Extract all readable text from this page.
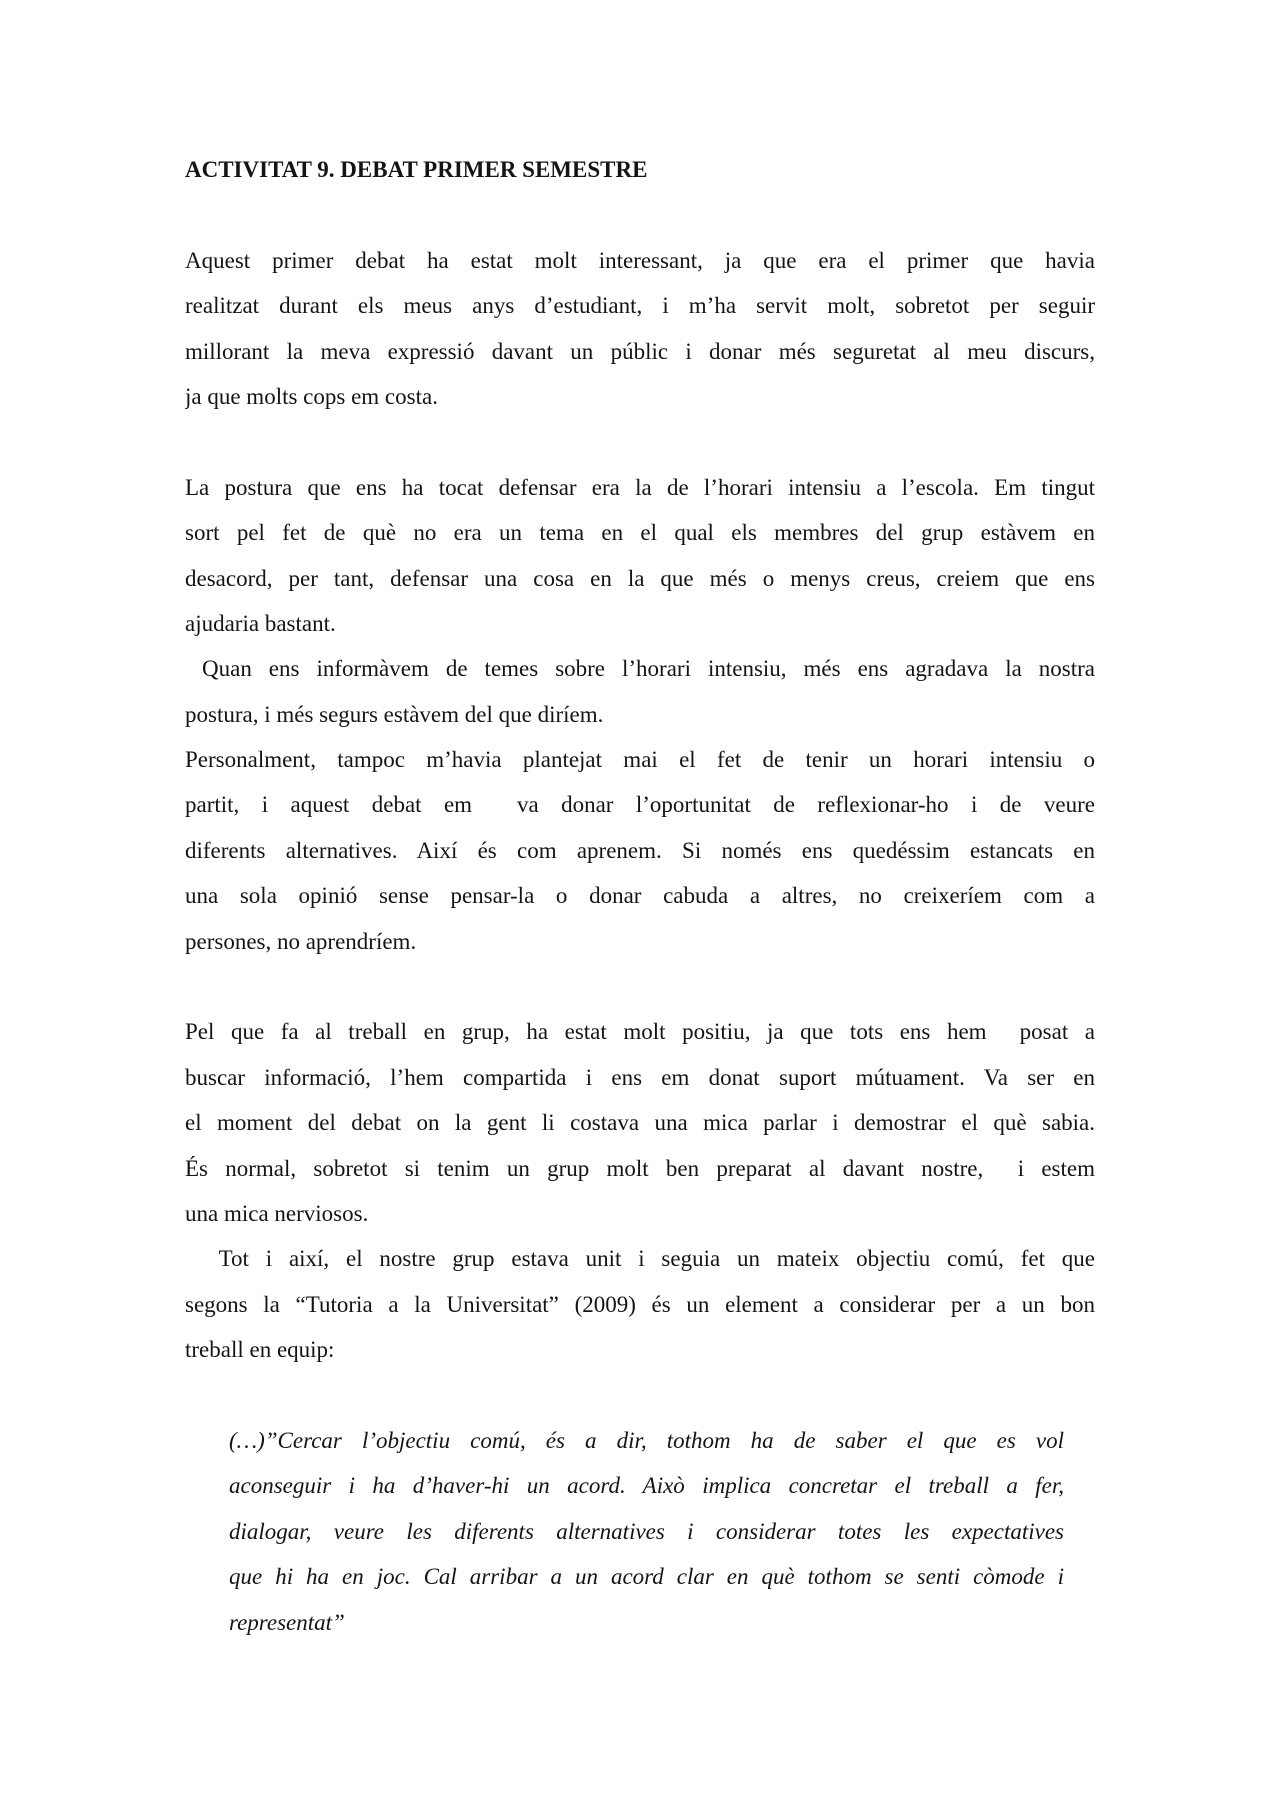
ACTIVITAT 9. DEBAT PRIMER SEMESTRE
Aquest primer debat ha estat molt interessant, ja que era el primer que havia
realitzat durant els meus anys d’estudiant, i m’ha servit molt, sobretot per seguir
millorant la meva expressió davant un públic i donar més seguretat al meu discurs,
ja que molts cops em costa.
La postura que ens ha tocat defensar era la de l’horari intensiu a l’escola. Em tingut
sort pel fet de què no era un tema en el qual els membres del grup estàvem en
desacord, per tant, defensar una cosa en la que més o menys creus, creiem que ens
ajudaria bastant.
Quan ens informàvem de temes sobre l’horari intensiu, més ens agradava la nostra
postura, i més segurs estàvem del que diríem.
Personalment, tampoc m’havia plantejat mai el fet de tenir un horari intensiu o
partit, i aquest debat em  va donar l’oportunitat de reflexionar-ho i de veure
diferents alternatives. Així és com aprenem. Si només ens quedéssim estancats en
una sola opinió sense pensar-la o donar cabuda a altres, no creixeríem com a
persones, no aprendríem.
Pel que fa al treball en grup, ha estat molt positiu, ja que tots ens hem  posat a
buscar informació, l’hem compartida i ens em donat suport mútuament. Va ser en
el moment del debat on la gent li costava una mica parlar i demostrar el què sabia.
És normal, sobretot si tenim un grup molt ben preparat al davant nostre,  i estem
una mica nerviosos.
Tot i així, el nostre grup estava unit i seguia un mateix objectiu comú, fet que
segons la “Tutoria a la Universitat” (2009) és un element a considerar per a un bon
treball en equip:
(…)”Cercar l’objectiu comú, és a dir, tothom ha de saber el que es vol
aconseguir i ha d’haver-hi un acord. Això implica concretar el treball a fer,
dialogar, veure les diferents alternatives i considerar totes les expectatives
que hi ha en joc. Cal arribar a un acord clar en què tothom se senti còmode i
representat”
